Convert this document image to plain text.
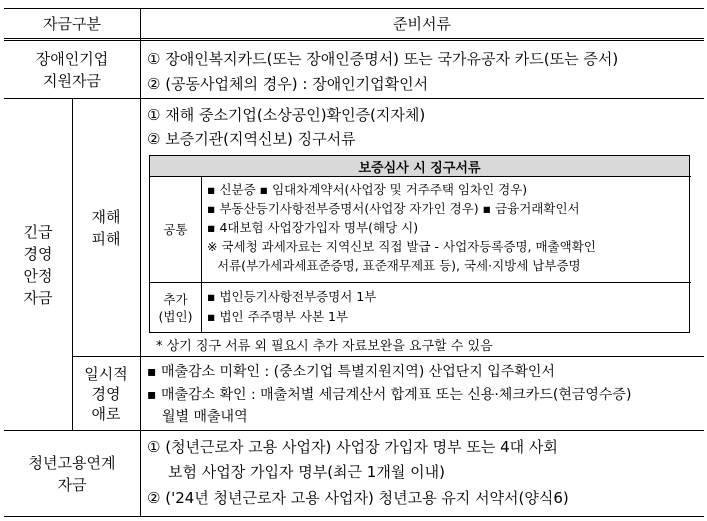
자금구분	준비서류
장애인기업
지원자금
① 장애인복지카드(또는 장애인증명서) 또는 국가유공자 카드(또는 증서)
② (공동사업체의 경우) : 장애인기업확인서
긴급
경영
안정
자금
재해
피해
① 재해 중소기업(소상공인)확인증(지자체)
② 보증기관(지역신보) 징구서류
보증심사 시 징구서류
공통
▪ 신분증 ▪ 임대차계약서(사업장 및 거주주택 임차인 경우)
▪ 부동산등기사항전부증명서(사업장 자가인 경우) ▪ 금융거래확인서
▪ 4대보험 사업장가입자 명부(해당 시)
※ 국세청 과세자료는 지역신보 직접 발급 - 사업자등록증명, 매출액확인
서류(부가세과세표준증명, 표준재무제표 등), 국세·지방세 납부증명
추가
(법인)
▪ 법인등기사항전부증명서 1부
▪ 법인 주주명부 사본 1부
* 상기 징구 서류 외 필요시 추가 자료보완을 요구할 수 있음
일시적
경영
애로
▪ 매출감소 미확인 : (중소기업 특별지원지역) 산업단지 입주확인서
▪ 매출감소 확인 : 매출처별 세금계산서 합계표 또는 신용·체크카드(현금영수증)
월별 매출내역
청년고용연계
자금
① (청년근로자 고용 사업자) 사업장 가입자 명부 또는 4대 사회
보험 사업장 가입자 명부(최근 1개월 이내)
② ('24년 청년근로자 고용 사업자) 청년고용 유지 서약서(양식6)
